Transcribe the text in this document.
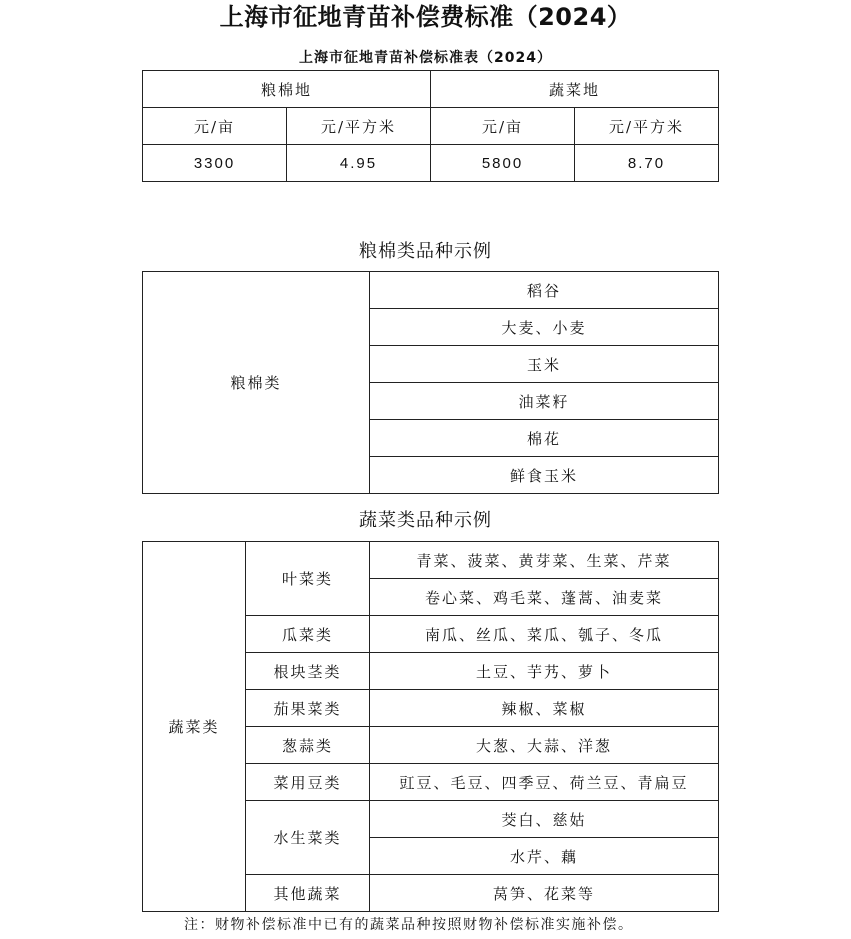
上海市征地青苗补偿费标准（2024）
上海市征地青苗补偿标准表（2024）
粮棉地		蔬菜地	
元/亩	元/平方米	元/亩	元/平方米
3300	4.95	5800	8.70
粮棉类品种示例
粮棉类	稻谷
大麦、小麦
玉米
油菜籽
棉花
鲜食玉米
蔬菜类品种示例
蔬菜类	叶菜类	青菜、菠菜、黄芽菜、生菜、芹菜
		卷心菜、鸡毛菜、蓬蒿、油麦菜
	瓜菜类	南瓜、丝瓜、菜瓜、瓠子、冬瓜
	根块茎类	土豆、芋艿、萝卜
	茄果菜类	辣椒、菜椒
	葱蒜类	大葱、大蒜、洋葱
	菜用豆类	豇豆、毛豆、四季豆、荷兰豆、青扁豆
	水生菜类	茭白、慈姑
		水芹、藕
	其他蔬菜	莴笋、花菜等
注：财物补偿标准中已有的蔬菜品种按照财物补偿标准实施补偿。
